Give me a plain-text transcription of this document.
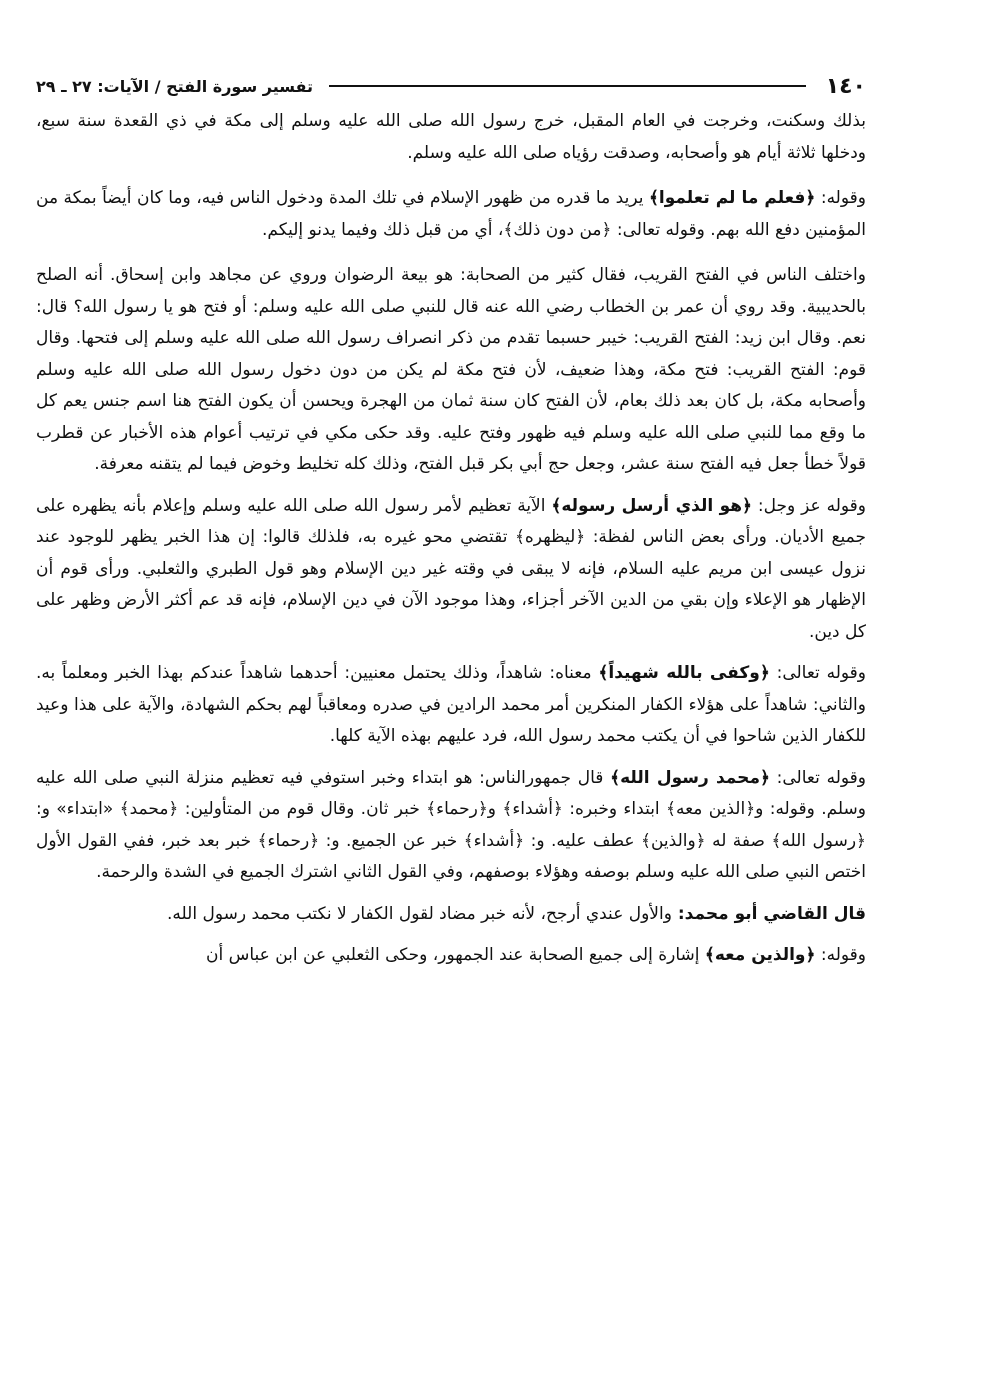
١٤٠
تفسير سورة الفتح / الآيات: ٢٧ ـ ٢٩

بذلك وسكنت، وخرجت في العام المقبل، خرج رسول الله صلى الله عليه وسلم إلى مكة في ذي القعدة سنة سبع، ودخلها ثلاثة أيام هو وأصحابه، وصدقت رؤياه صلى الله عليه وسلم.

وقوله: ﴿فعلم ما لم تعلموا﴾ يريد ما قدره من ظهور الإسلام في تلك المدة ودخول الناس فيه، وما كان أيضاً بمكة من المؤمنين دفع الله بهم. وقوله تعالى: ﴿من دون ذلك﴾، أي من قبل ذلك وفيما يدنو إليكم.

واختلف الناس في الفتح القريب، فقال كثير من الصحابة: هو بيعة الرضوان وروي عن مجاهد وابن إسحاق. أنه الصلح بالحديبية. وقد روي أن عمر بن الخطاب رضي الله عنه قال للنبي صلى الله عليه وسلم: أو فتح هو يا رسول الله؟ قال: نعم. وقال ابن زيد: الفتح القريب: خيبر حسبما تقدم من ذكر انصراف رسول الله صلى الله عليه وسلم إلى فتحها. وقال قوم: الفتح القريب: فتح مكة، وهذا ضعيف، لأن فتح مكة لم يكن من دون دخول رسول الله صلى الله عليه وسلم وأصحابه مكة، بل كان بعد ذلك بعام، لأن الفتح كان سنة ثمان من الهجرة ويحسن أن يكون الفتح هنا اسم جنس يعم كل ما وقع مما للنبي صلى الله عليه وسلم فيه ظهور وفتح عليه. وقد حكى مكي في ترتيب أعوام هذه الأخبار عن قطرب قولاً خطأ جعل فيه الفتح سنة عشر، وجعل حج أبي بكر قبل الفتح، وذلك كله تخليط وخوض فيما لم يتقنه معرفة.

وقوله عز وجل: ﴿هو الذي أرسل رسوله﴾ الآية تعظيم لأمر رسول الله صلى الله عليه وسلم وإعلام بأنه يظهره على جميع الأديان. ورأى بعض الناس لفظة: ﴿ليظهره﴾ تقتضي محو غيره به، فلذلك قالوا: إن هذا الخبر يظهر للوجود عند نزول عيسى ابن مريم عليه السلام، فإنه لا يبقى في وقته غير دين الإسلام وهو قول الطبري والثعلبي. ورأى قوم أن الإظهار هو الإعلاء وإن بقي من الدين الآخر أجزاء، وهذا موجود الآن في دين الإسلام، فإنه قد عم أكثر الأرض وظهر على كل دين.

وقوله تعالى: ﴿وكفى بالله شهيداً﴾ معناه: شاهداً، وذلك يحتمل معنيين: أحدهما شاهداً عندكم بهذا الخبر ومعلماً به. والثاني: شاهداً على هؤلاء الكفار المنكرين أمر محمد الرادين في صدره ومعاقباً لهم بحكم الشهادة، والآية على هذا وعيد للكفار الذين شاحوا في أن يكتب محمد رسول الله، فرد عليهم بهذه الآية كلها.

وقوله تعالى: ﴿محمد رسول الله﴾ قال جمهورالناس: هو ابتداء وخبر استوفي فيه تعظيم منزلة النبي صلى الله عليه وسلم. وقوله: و﴿الذين معه﴾ ابتداء وخبره: ﴿أشداء﴾ و﴿رحماء﴾ خبر ثان. وقال قوم من المتأولين: ﴿محمد﴾ «ابتداء» و: ﴿رسول الله﴾ صفة له ﴿والذين﴾ عطف عليه. و: ﴿أشداء﴾ خبر عن الجميع. و: ﴿رحماء﴾ خبر بعد خبر، ففي القول الأول اختص النبي صلى الله عليه وسلم بوصفه وهؤلاء بوصفهم، وفي القول الثاني اشترك الجميع في الشدة والرحمة.

قال القاضي أبو محمد: والأول عندي أرجح، لأنه خبر مضاد لقول الكفار لا نكتب محمد رسول الله.

وقوله: ﴿والذين معه﴾ إشارة إلى جميع الصحابة عند الجمهور، وحكى الثعلبي عن ابن عباس أن
